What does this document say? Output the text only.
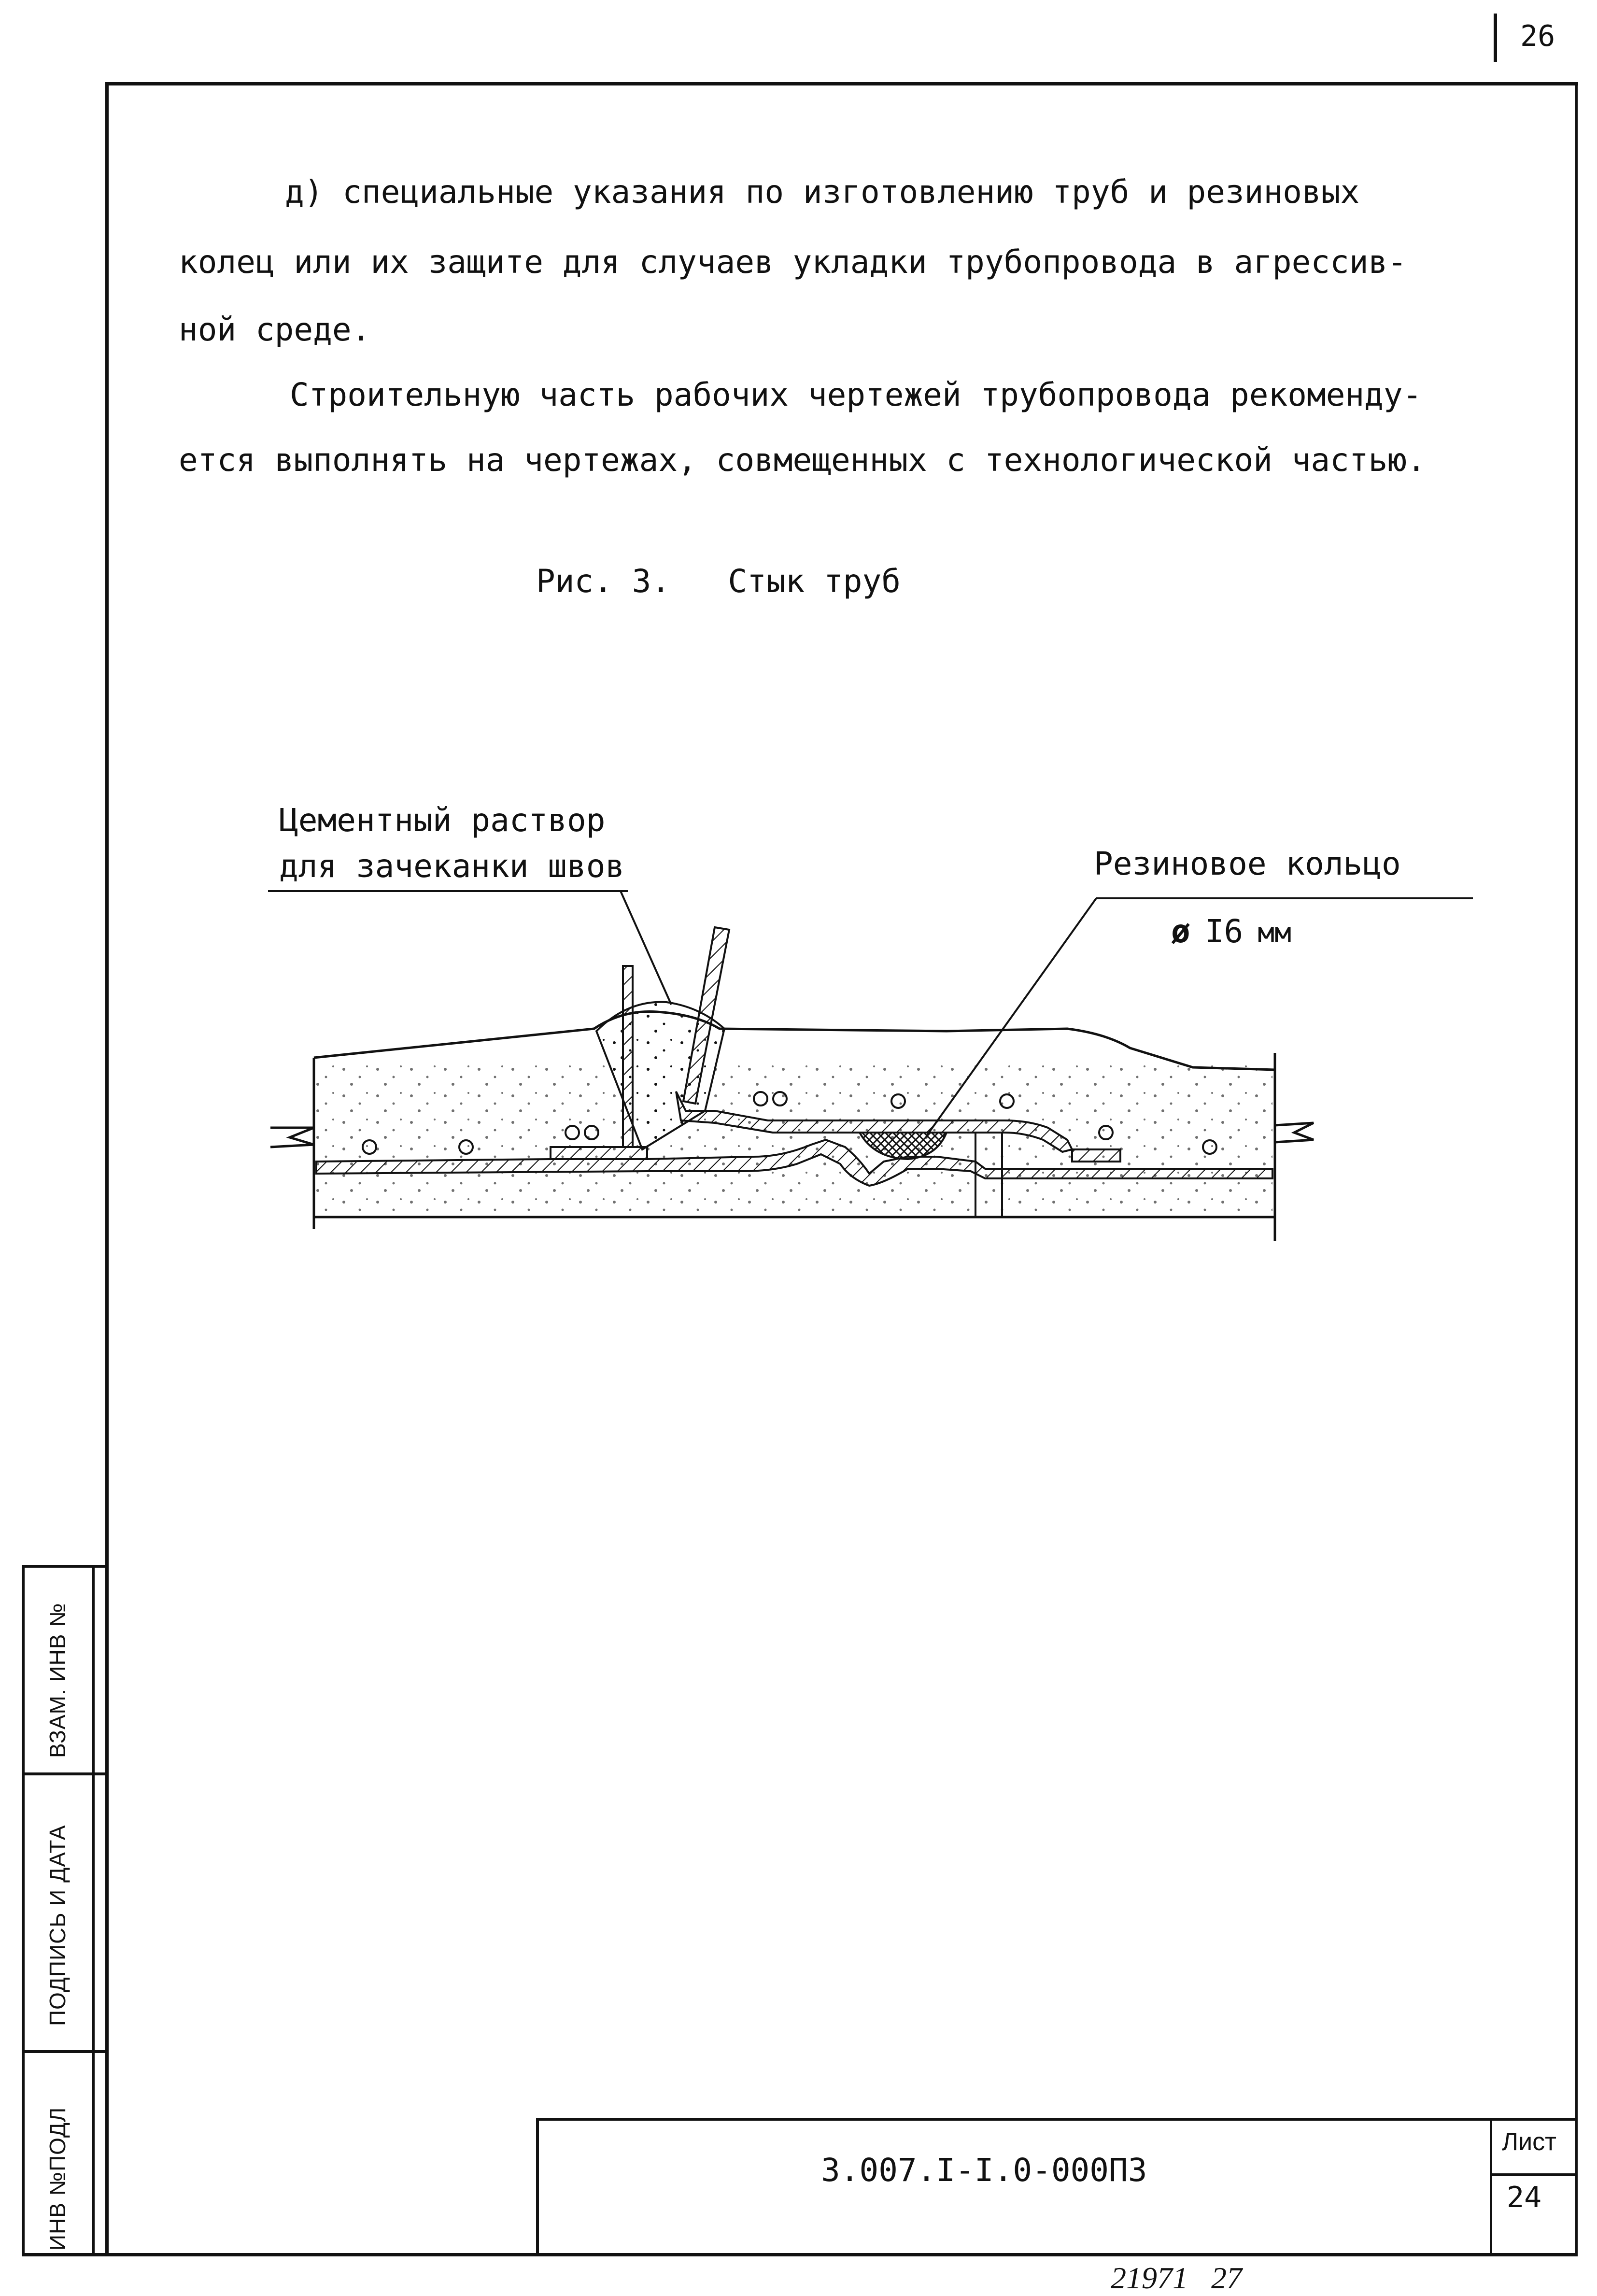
26
д) специальные указания по изготовлению труб и резиновых
колец или их защите для случаев укладки трубопровода в агрессив-
ной среде.
Строительную часть рабочих чертежей трубопровода рекоменду-
ется выполнять на чертежах, совмещенных с технологической частью.
Рис. 3. Стык труб
Цементный раствор
для зачеканки швов	Резиновое кольцо
ø I6 мм
ВЗАМ. ИНВ №
ПОДПИСЬ И ДАТА
ИНВ №ПОДЛ	3.007.I-I.0-000ПЗ
Лист
24
21971   27
